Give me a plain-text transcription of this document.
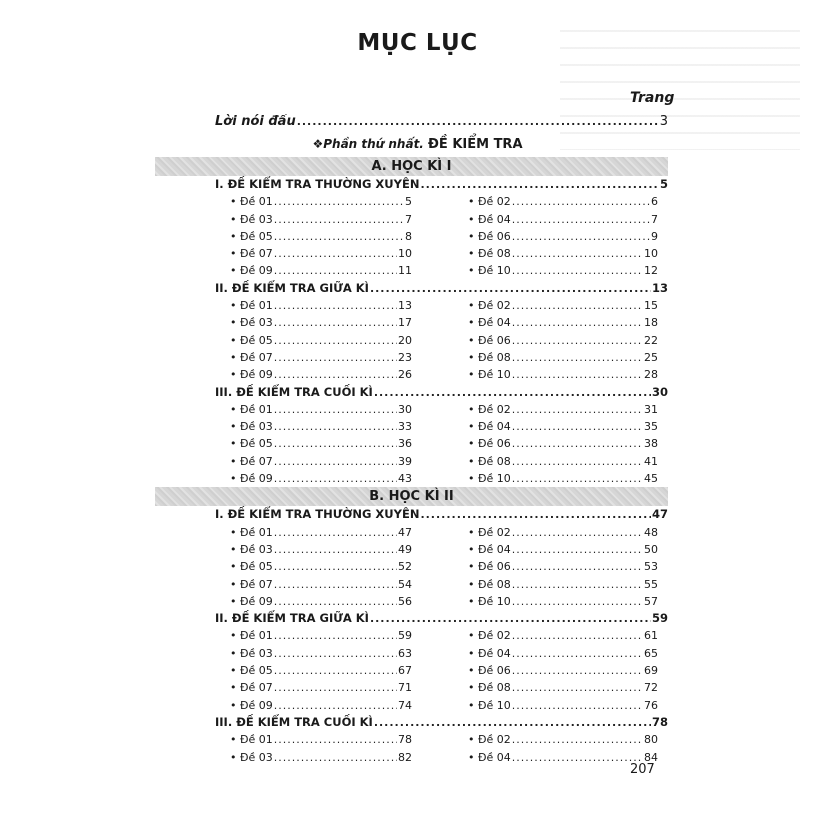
MỤC LỤC
Trang
Lời nói đầu .....	3
❖Phần thứ nhất. ĐỀ KIỂM TRA
A. HỌC KÌ I
I. ĐỀ KIỂM TRA THƯỜNG XUYÊN .....	5
• Đề 01 .....	5	• Đề 02 .....	6
• Đề 03 .....	7	• Đề 04 .....	7
• Đề 05 .....	8	• Đề 06 .....	9
• Đề 07 .....	10	• Đề 08 .....	10
• Đề 09 .....	11	• Đề 10 .....	12
II. ĐỀ KIỂM TRA GIỮA KÌ .....	13
• Đề 01 .....	13	• Đề 02 .....	15
• Đề 03 .....	17	• Đề 04 .....	18
• Đề 05 .....	20	• Đề 06 .....	22
• Đề 07 .....	23	• Đề 08 .....	25
• Đề 09 .....	26	• Đề 10 .....	28
III. ĐỀ KIỂM TRA CUỐI KÌ .....	30
• Đề 01 .....	30	• Đề 02 .....	31
• Đề 03 .....	33	• Đề 04 .....	35
• Đề 05 .....	36	• Đề 06 .....	38
• Đề 07 .....	39	• Đề 08 .....	41
• Đề 09 .....	43	• Đề 10 .....	45
B. HỌC KÌ II
I. ĐỀ KIỂM TRA THƯỜNG XUYÊN .....	47
• Đề 01 .....	47	• Đề 02 .....	48
• Đề 03 .....	49	• Đề 04 .....	50
• Đề 05 .....	52	• Đề 06 .....	53
• Đề 07 .....	54	• Đề 08 .....	55
• Đề 09 .....	56	• Đề 10 .....	57
II. ĐỀ KIỂM TRA GIỮA KÌ .....	59
• Đề 01 .....	59	• Đề 02 .....	61
• Đề 03 .....	63	• Đề 04 .....	65
• Đề 05 .....	67	• Đề 06 .....	69
• Đề 07 .....	71	• Đề 08 .....	72
• Đề 09 .....	74	• Đề 10 .....	76
III. ĐỀ KIỂM TRA CUỐI KÌ .....	78
• Đề 01 .....	78	• Đề 02 .....	80
• Đề 03 .....	82	• Đề 04 .....	84
207
